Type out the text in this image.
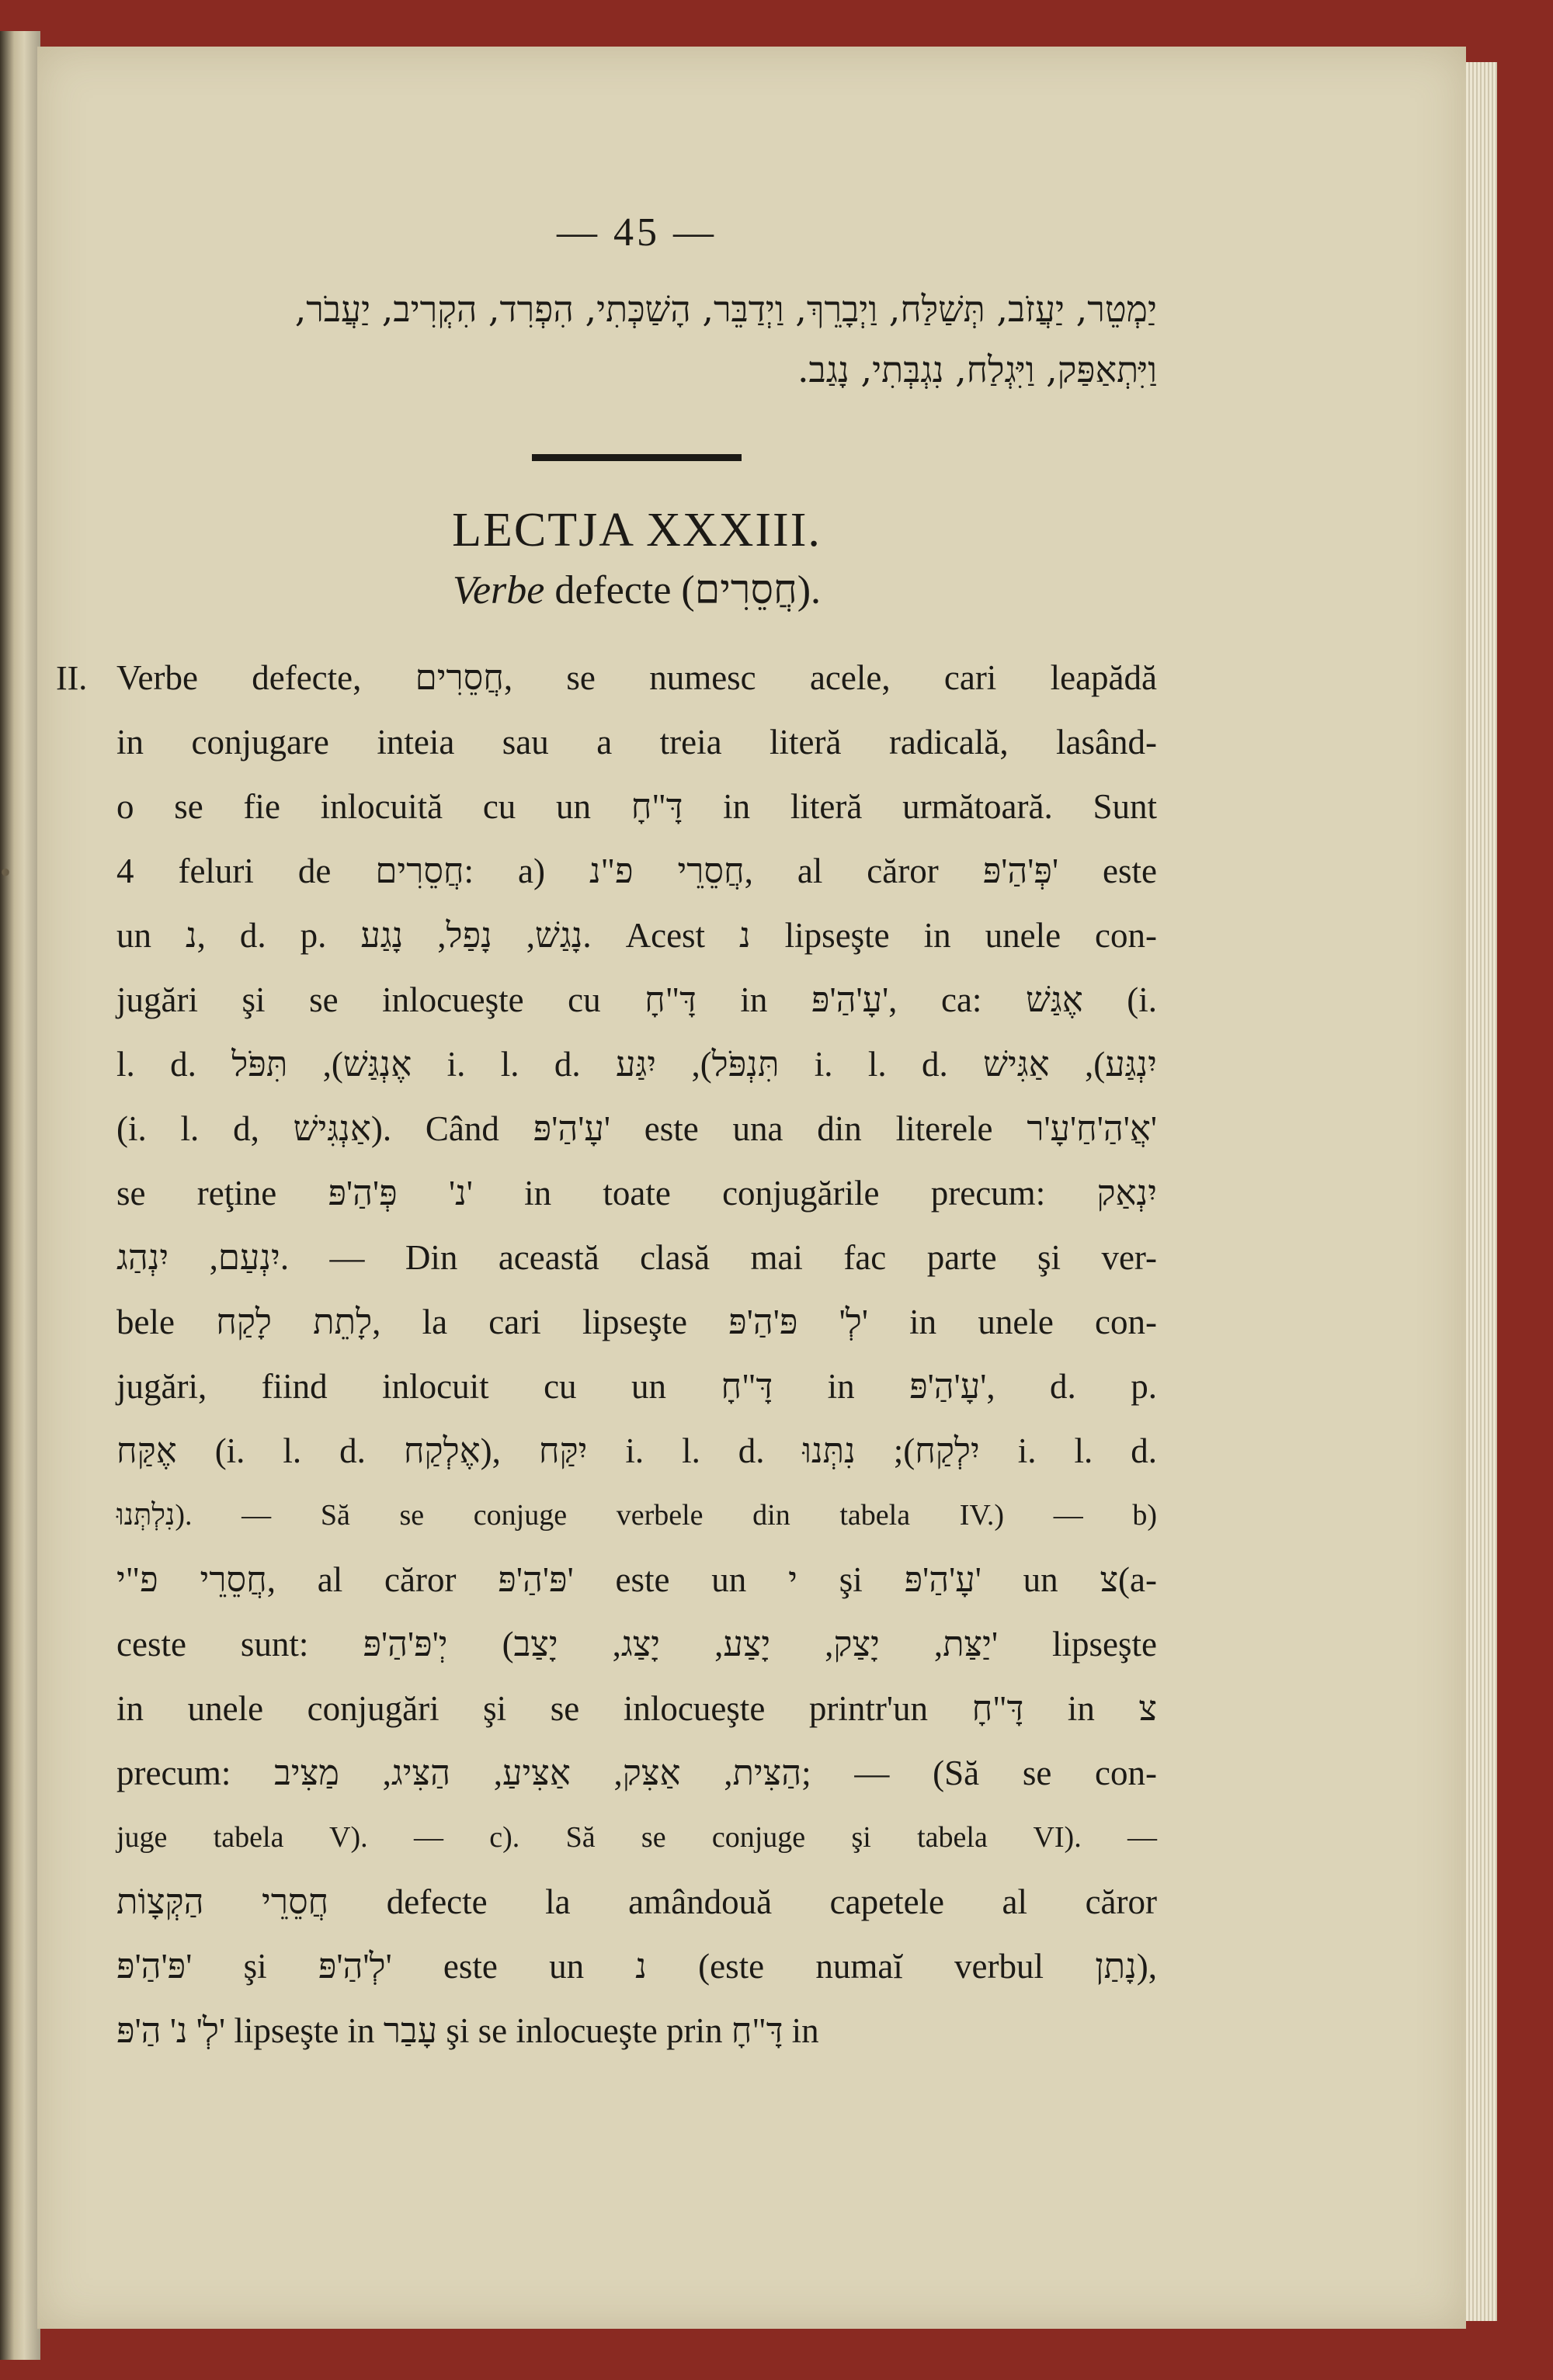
— 45 —
יַמְטֵר, יַעֲזֹב, תְּשַׁלַּח, וַיְבָרֵךְ, וַיְדַבֵּר, הָשַׁכְּתִי, הִפְרִד, הִקְרִיב, יַעֲבֹר,
וַיִּתְאַפַּק, וַיִּגְלַח, נִגְבְּתִי, נָגַב.
LECTJA XXXIII.
Verbe defecte (חֲסֵרִים).
II.
•
Verbe defecte, חֲסֵרִים, se numesc acele, cari leapădă
in conjugare inteia sau a treia literă radicală, lasând-
o se fie inlocuită cu un דָּ"חָ in literă următoară. Sunt
4 feluri de חֲסֵרִים: a) חֲסֵרֵי פ"נ, al căror פְּ'הַ'פּ' este
un נ, d. p. נָגַשׁ, נָפַל, נָגַע. Acest נ lipseşte in unele con-
jugări şi se inlocueşte cu דָּ"חָ in עָ'הַ'פּ', ca: אֶגַּשׁ (i.
l. d. אֶנְגַּשׁ), תִּפֹּל i. l. d. תִּנְפֹּל), יִגַּע i. l. d. יִנְגַּע), אַגִּישׁ
(i. l. d, אַנְגִּישׁ). Când עָ'הַ'פּ' este una din literele אֲ'הַ'חַ'עָ'ר'
se reţine נ' פְּ'הַ'פּ' in toate conjugările precum: יִנְאַק
יִנְעַם, יִנְהַג. — Din această clasă mai fac parte şi ver-
bele לָתֵת לָקַח, la cari lipseşte לְ' פּ'הַ'פּ' in unele con-
jugări, fiind inlocuit cu un דָּ"חָ in עָ'הַ'פּ', d. p.
אֶקַּח (i. l. d. אֶלְקַח), יִקַּח i. l. d. יִלְקַח); נִתְּנוּ i. l. d.
נִלְתְּנוּ). — Să se conjuge verbele din tabela IV.) — b)
חֲסֵרֵי פ"י, al căror פּ'הַ'פּ' este un י şi עָ'הַ'פּ' un צ(a-
ceste sunt: יַצַּת, יָצַק, יָצַע, יָצַג, יָצַב) יְ'פּ'הַ'פּ' lipseşte
in unele conjugări şi se inlocueşte printr'un דָּ"חָ in צ
precum: הַצִּית, אַצִּק, אַצִּיעַ, הַצִּיג, מַצִּיב; — (Să se con-
juge tabela V). — c). Să se conjuge şi tabela VI). —
חֲסֵרֵי הַקְּצָוֹת defecte la amândouă capetele al căror
פּ'הַ'פּ' şi לְ'הַ'פּ' este un נ (este numaĭ verbul נָתַן),
לְ' נ' הַ'פּ' lipseşte in עָבַר şi se inlocueşte prin דָּ"חָ in
